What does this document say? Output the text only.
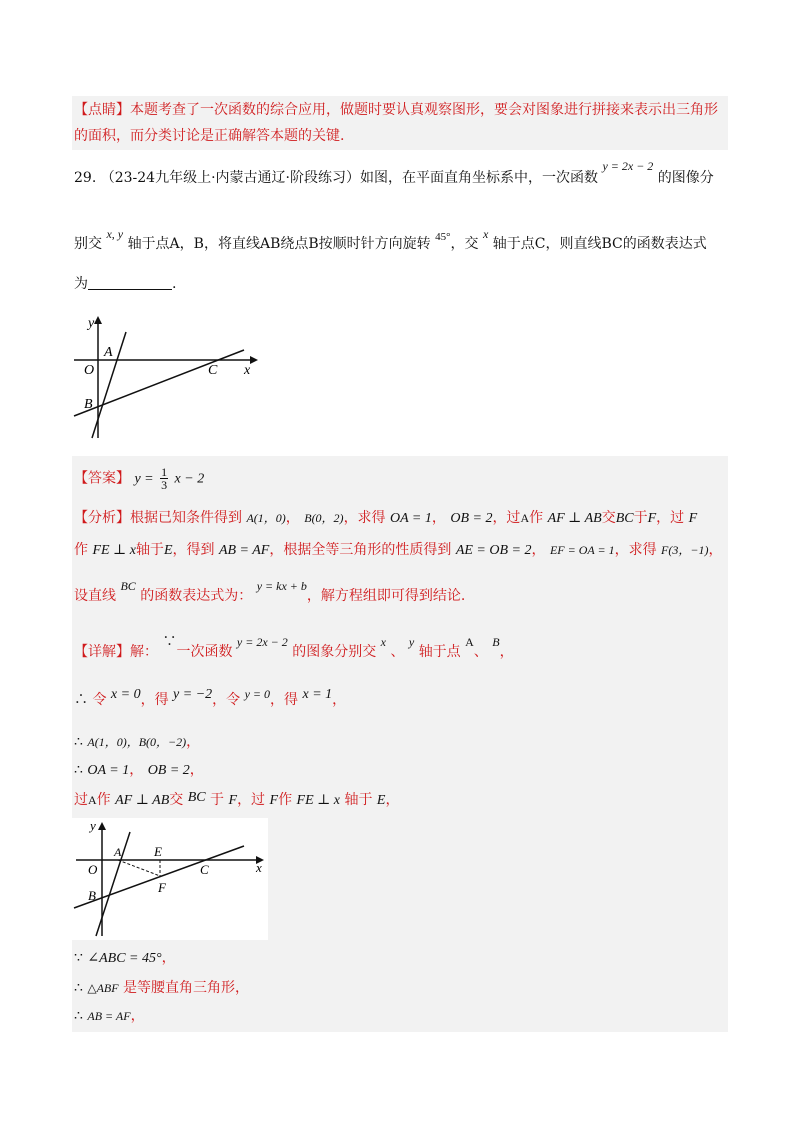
【点睛】本题考查了一次函数的综合应用，做题时要认真观察图形，要会对图象进行拼接来表示出三角形
的面积，而分类讨论是正确解答本题的关键.
29. （23-24九年级上·内蒙古通辽·阶段练习）如图，在平面直角坐标系中，一次函数 y = 2x − 2 的图像分
别交 x, y 轴于点A，B，将直线AB绕点B按顺时针方向旋转 $^{45^\circ}$，交 x 轴于点C，则直线BC的函数表达式
为	.
y
A
O	C x
B
【答案】 $y = \frac{1}{3}$ x − 2
【分析】根据已知条件得到 A(1，0)， B(0，2)，求得 OA = 1， OB = 2，过A作 AF ⊥ AB交BC于F，过 F
作 FE ⊥ x轴于E，得到 AB = AF，根据全等三角形的性质得到 AE = OB = 2， EF = OA = 1，求得 F(3，−1)，
设直线 BC 的函数表达式为： y = kx + b，解方程组即可得到结论.
【详解】解： ∵一次函数 y = 2x − 2 的图象分别交 x 、 y 轴于点 A、 B，
∴ 令 x = 0，得 y = −2，令 y = 0，得 x = 1，
∴ A(1，0)，B(0，−2)，
∴ OA = 1， OB = 2，
过A作 AF ⊥ AB交 BC 于 F，过 F作 FE ⊥ x 轴于 E，
y
A	E
O	C	x
B
F
∵ ∠ABC = 45°，
∴ △ABF 是等腰直角三角形，
∴ AB = AF，
